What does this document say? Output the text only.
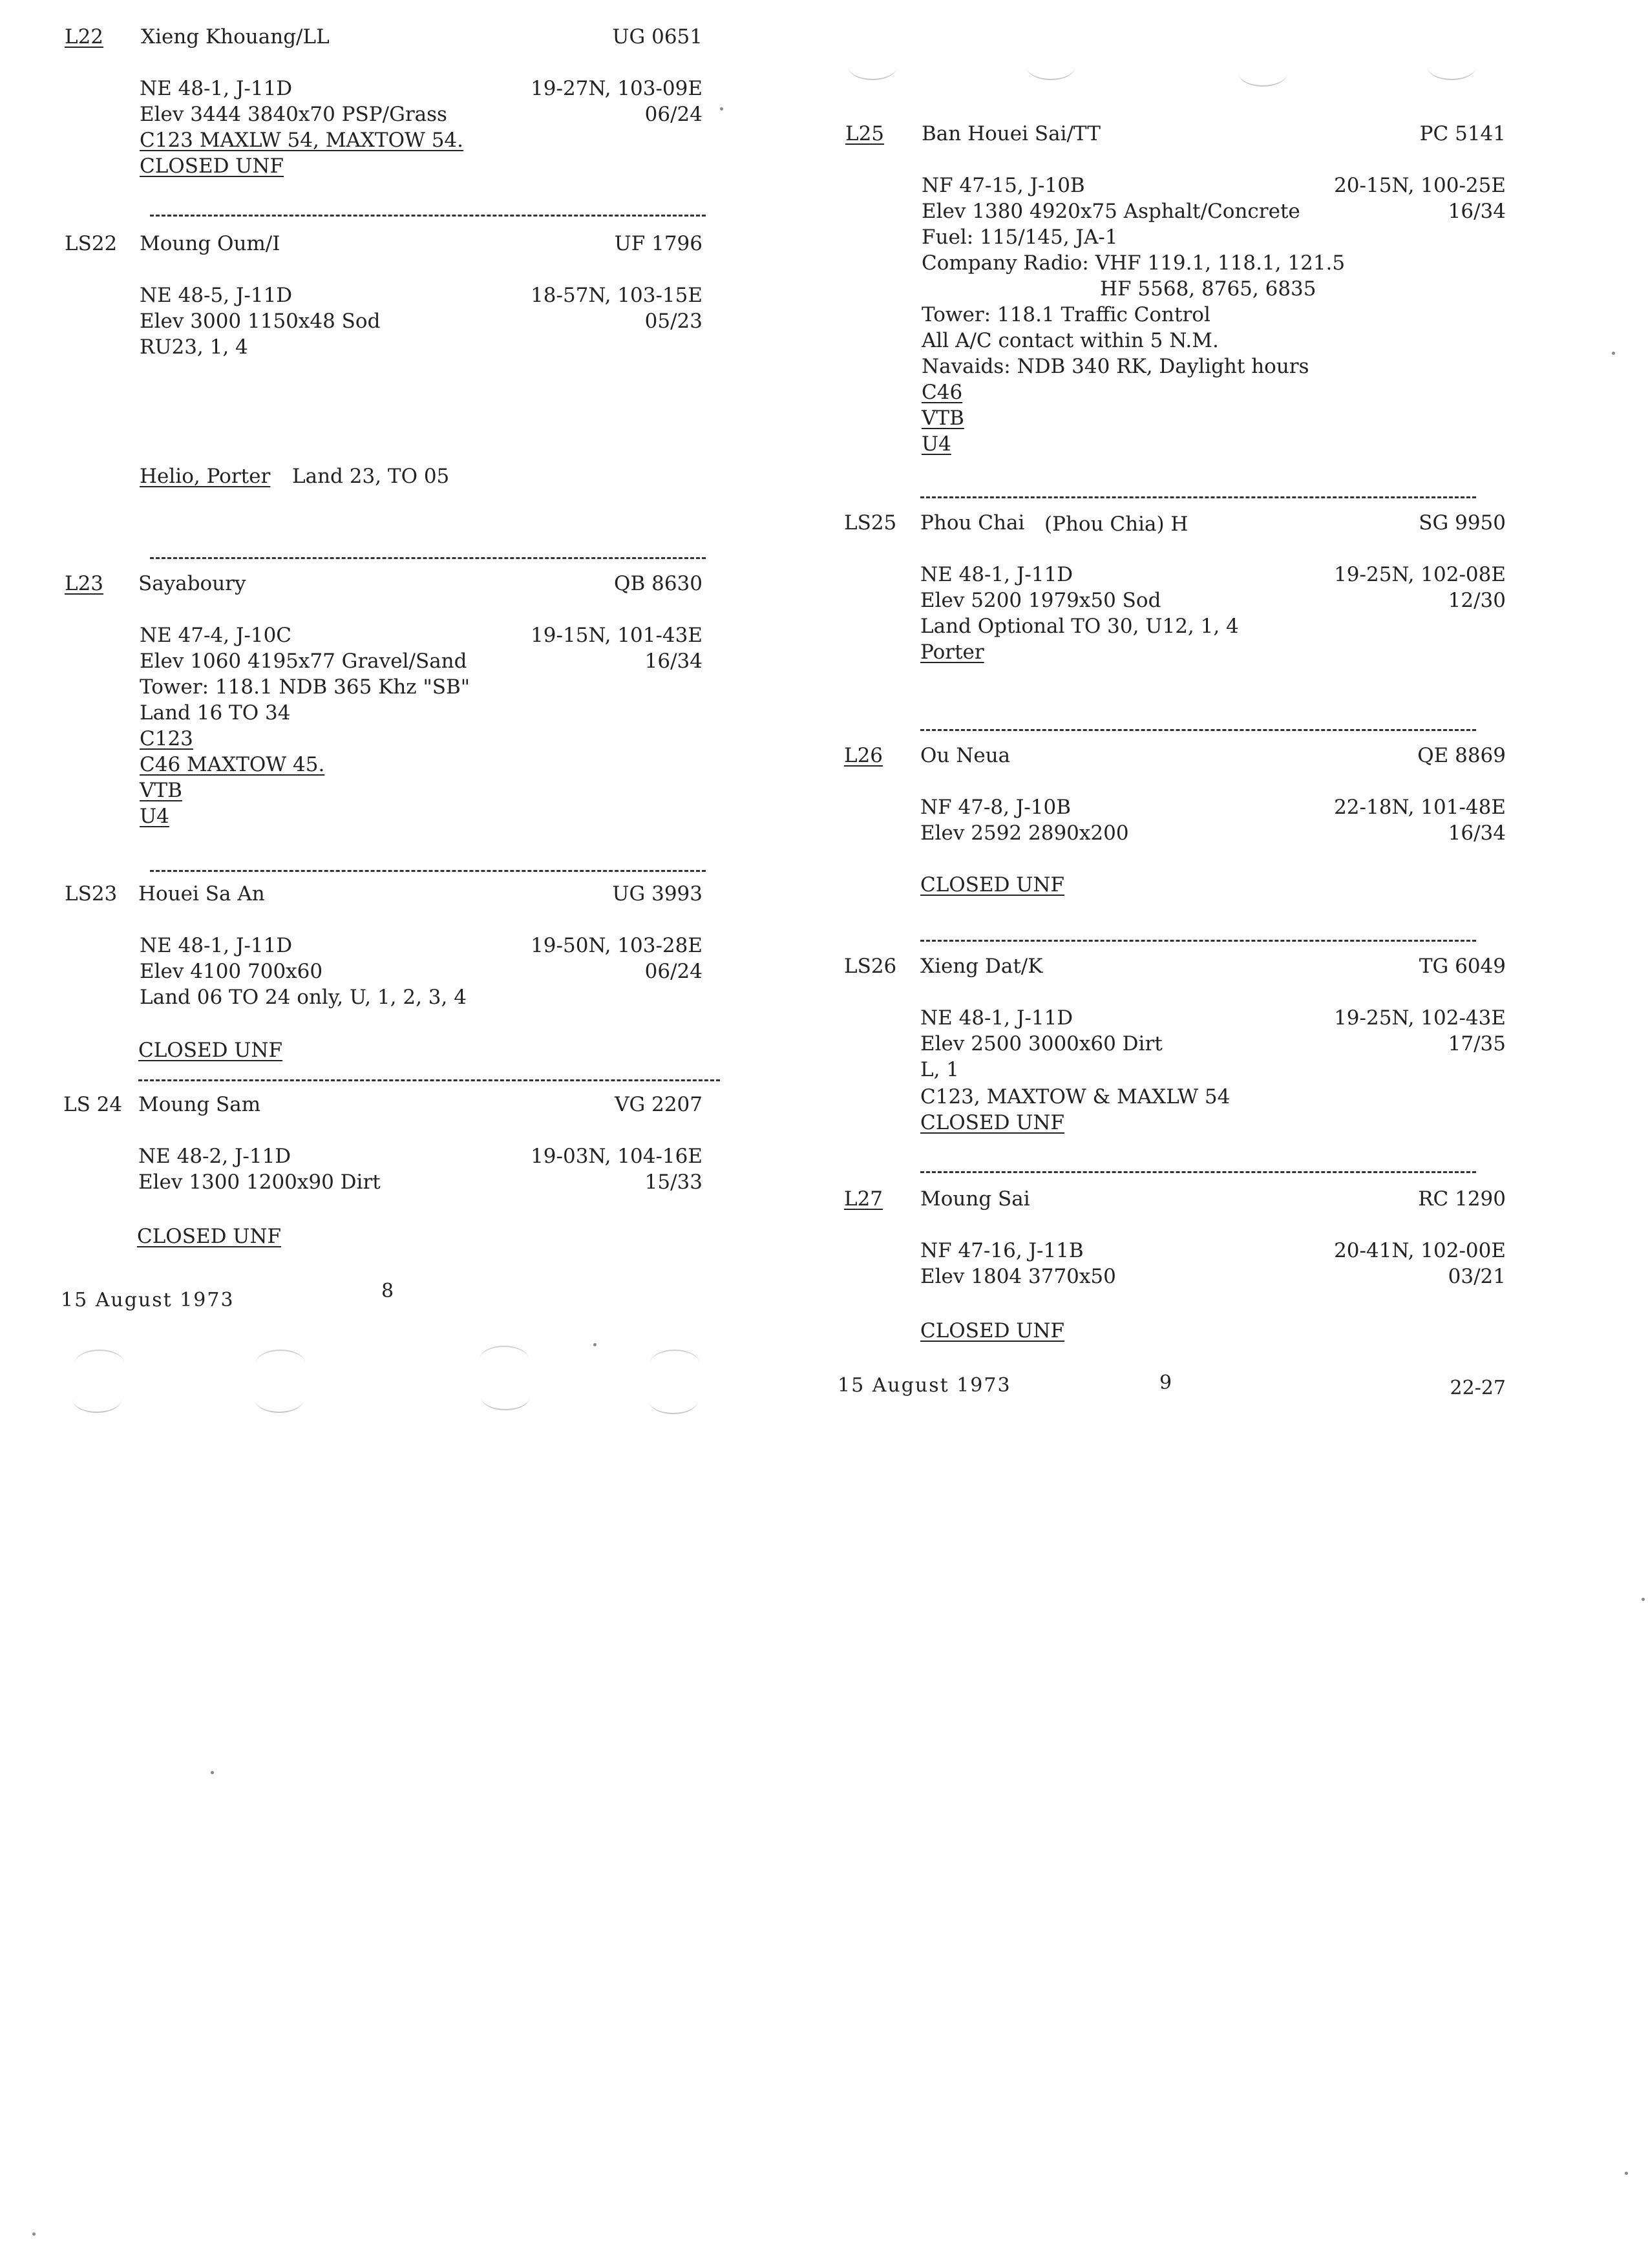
L22 Xieng Khouang/LL	UG 0651
NE 48-1, J-11D	19-27N, 103-09E
Elev 3444 3840x70 PSP/Grass	06/24
C123 MAXLW 54, MAXTOW 54.
CLOSED UNF
LS22 Moung Oum/I	UF 1796
NE 48-5, J-11D	18-57N, 103-15E
Elev 3000 1150x48 Sod	05/23
RU23, 1, 4
Helio, Porter Land 23, TO 05
L23 Sayaboury	QB 8630
NE 47-4, J-10C	19-15N, 101-43E
Elev 1060 4195x77 Gravel/Sand	16/34
Tower: 118.1 NDB 365 Khz "SB"
Land 16 TO 34
C123
C46 MAXTOW 45.
VTB
U4
LS23 Houei Sa An	UG 3993
NE 48-1, J-11D	19-50N, 103-28E
Elev 4100 700x60	06/24
Land 06 TO 24 only, U, 1, 2, 3, 4
CLOSED UNF
LS 24 Moung Sam	VG 2207
NE 48-2, J-11D	19-03N, 104-16E
Elev 1300 1200x90 Dirt	15/33
CLOSED UNF
15 August 1973	8
L25 Ban Houei Sai/TT	PC 5141
NF 47-15, J-10B	20-15N, 100-25E
Elev 1380 4920x75 Asphalt/Concrete	16/34
Fuel: 115/145, JA-1
Company Radio: VHF 119.1, 118.1, 121.5
HF 5568, 8765, 6835
Tower: 118.1 Traffic Control
All A/C contact within 5 N.M.
Navaids: NDB 340 RK, Daylight hours
C46
VTB
U4
LS25 Phou Chai (Phou Chia) H	SG 9950
NE 48-1, J-11D	19-25N, 102-08E
Elev 5200 1979x50 Sod	12/30
Land Optional TO 30, U12, 1, 4
Porter
L26 Ou Neua	QE 8869
NF 47-8, J-10B	22-18N, 101-48E
Elev 2592 2890x200	16/34
CLOSED UNF
LS26 Xieng Dat/K	TG 6049
NE 48-1, J-11D	19-25N, 102-43E
Elev 2500 3000x60 Dirt	17/35
L, 1
C123, MAXTOW & MAXLW 54
CLOSED UNF
L27 Moung Sai	RC 1290
NF 47-16, J-11B	20-41N, 102-00E
Elev 1804 3770x50	03/21
CLOSED UNF
15 August 1973	9	22-27
